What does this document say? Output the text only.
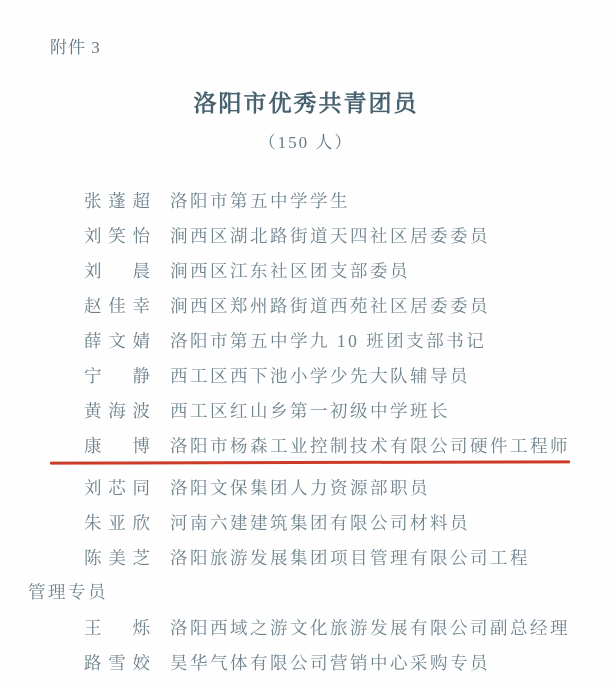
附件 3
洛阳市优秀共青团员
（150 人）
张蓬超 洛阳市第五中学学生
刘笑怡 涧西区湖北路街道天四社区居委委员
刘晨 涧西区江东社区团支部委员
赵佳幸 涧西区郑州路街道西苑社区居委委员
薛文婧 洛阳市第五中学九 10 班团支部书记
宁静 西工区西下池小学少先大队辅导员
黄海波 西工区红山乡第一初级中学班长
康博 洛阳市杨森工业控制技术有限公司硬件工程师
刘芯同 洛阳文保集团人力资源部职员
朱亚欣 河南六建建筑集团有限公司材料员
陈美芝 洛阳旅游发展集团项目管理有限公司工程
管理专员
王烁 洛阳西域之游文化旅游发展有限公司副总经理
路雪姣 昊华气体有限公司营销中心采购专员
